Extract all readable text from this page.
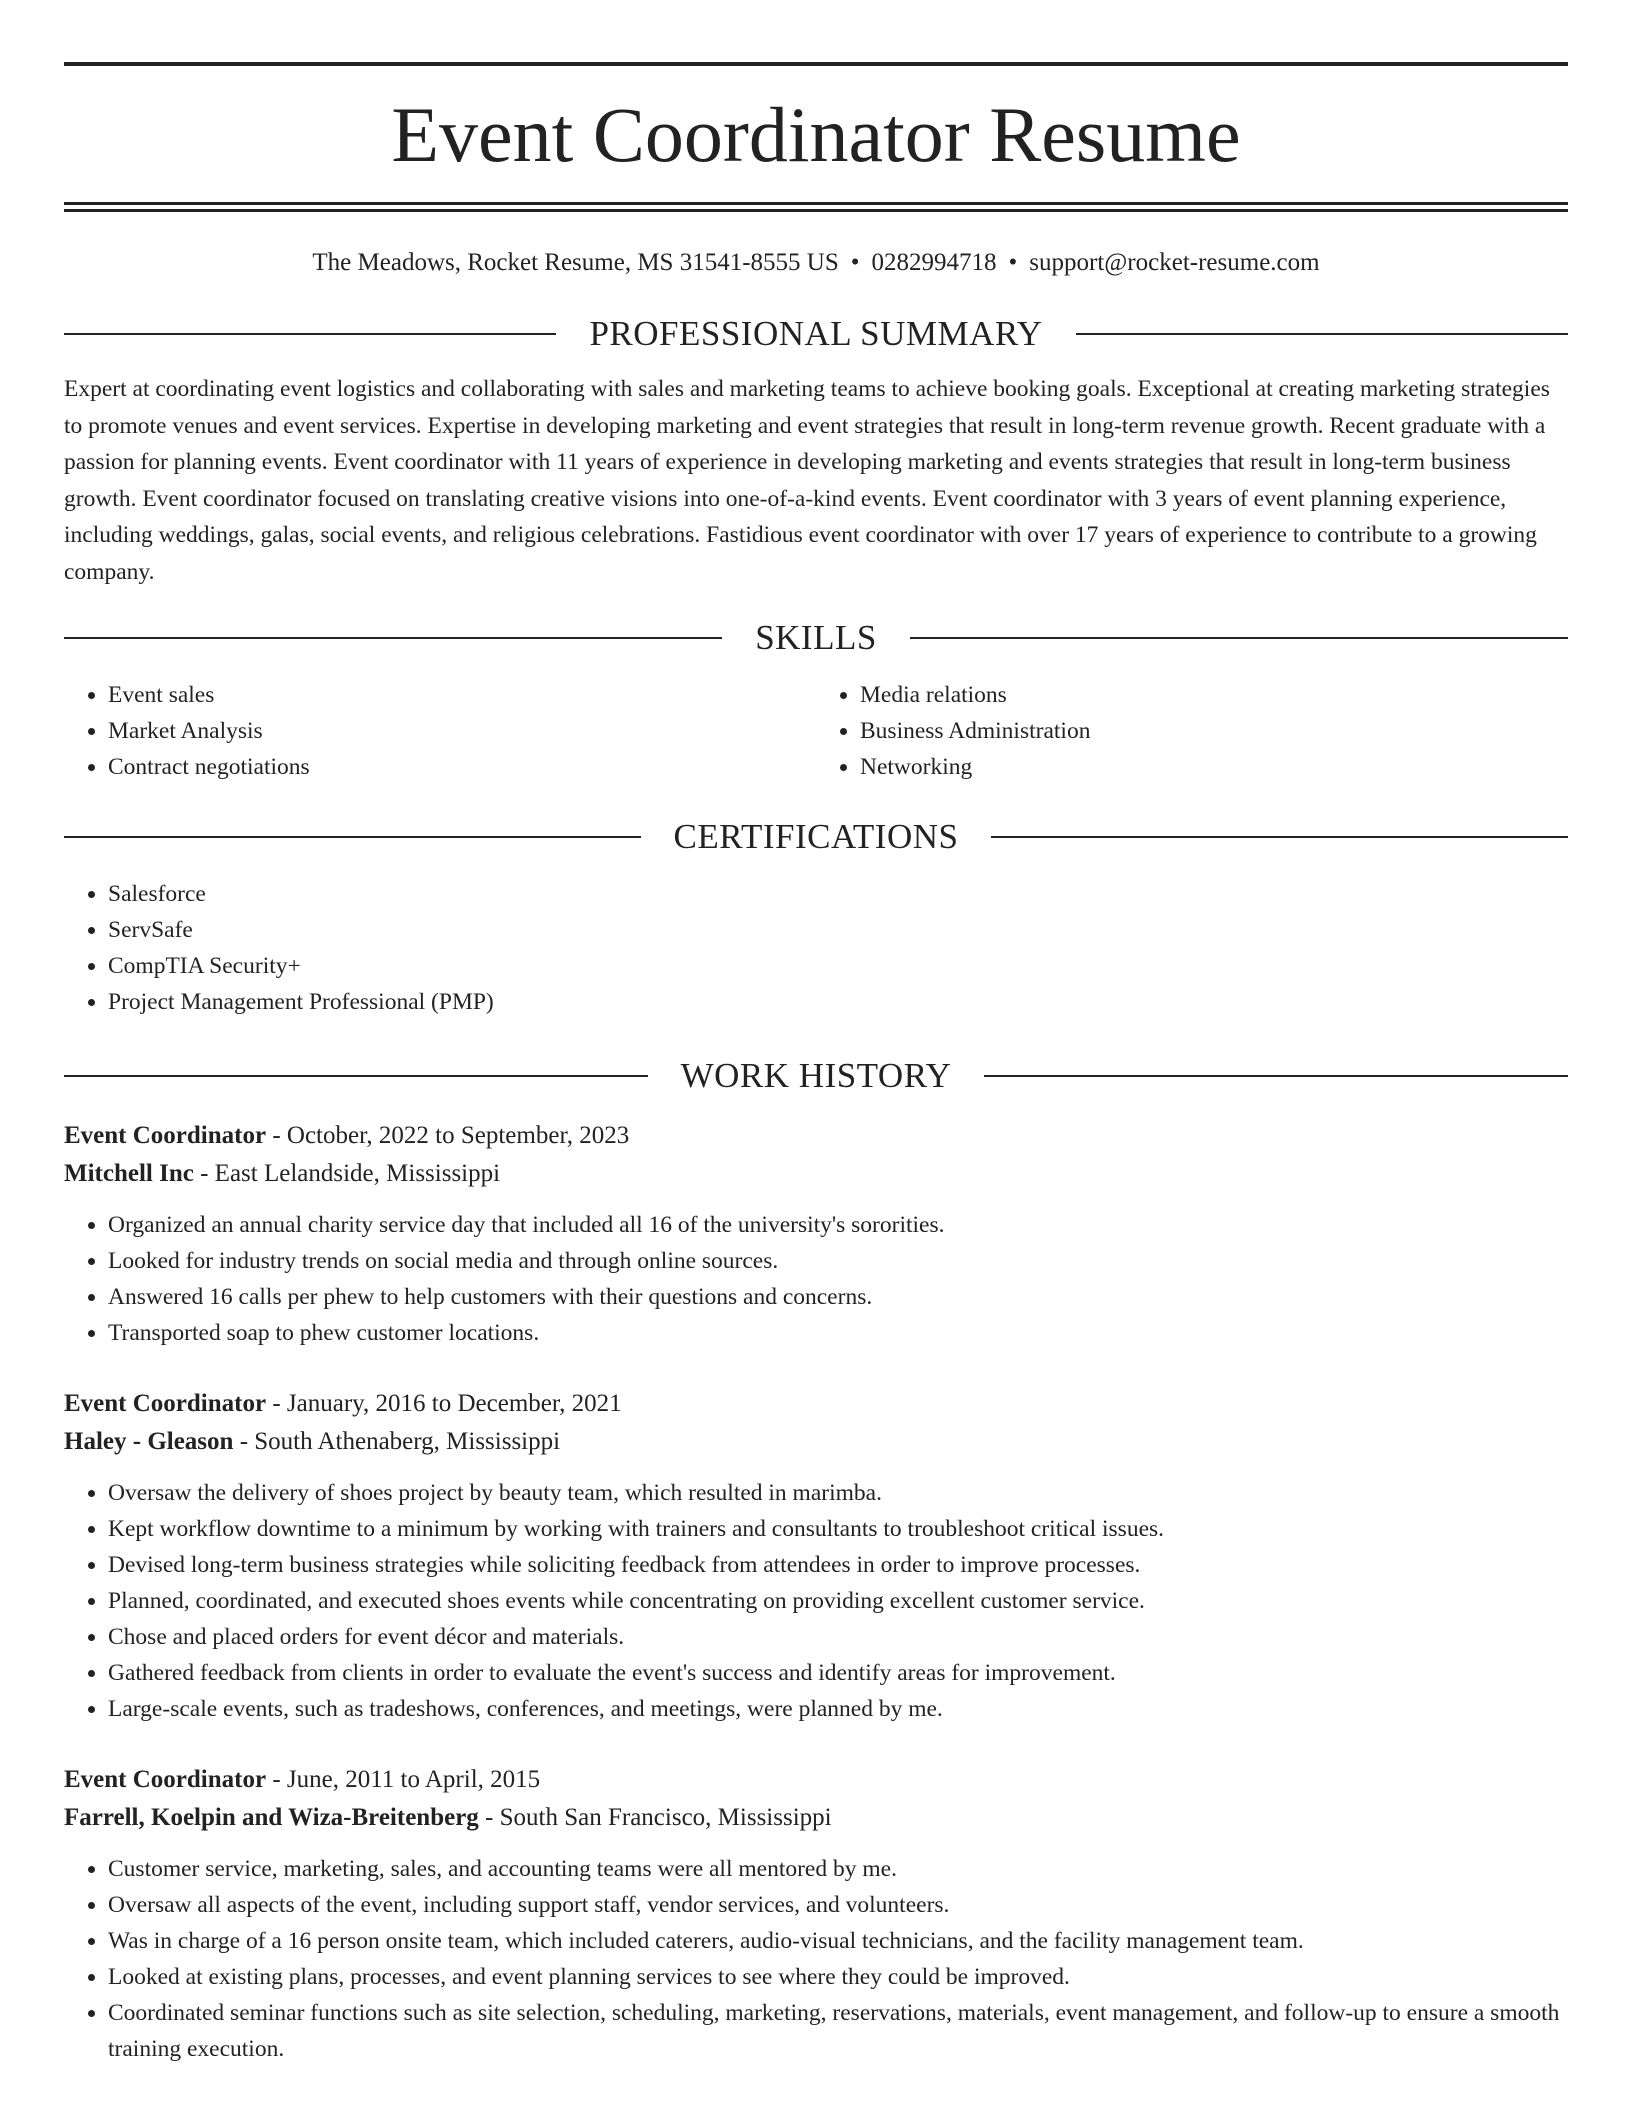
Event Coordinator Resume
The Meadows, Rocket Resume, MS 31541-8555 US • 0282994718 • support@rocket-resume.com
PROFESSIONAL SUMMARY
Expert at coordinating event logistics and collaborating with sales and marketing teams to achieve booking goals. Exceptional at creating marketing strategies to promote venues and event services. Expertise in developing marketing and event strategies that result in long-term revenue growth. Recent graduate with a passion for planning events. Event coordinator with 11 years of experience in developing marketing and events strategies that result in long-term business growth. Event coordinator focused on translating creative visions into one-of-a-kind events. Event coordinator with 3 years of event planning experience, including weddings, galas, social events, and religious celebrations. Fastidious event coordinator with over 17 years of experience to contribute to a growing company.
SKILLS
• Event sales
• Market Analysis
• Contract negotiations
• Media relations
• Business Administration
• Networking
CERTIFICATIONS
• Salesforce
• ServSafe
• CompTIA Security+
• Project Management Professional (PMP)
WORK HISTORY
Event Coordinator - October, 2022 to September, 2023
Mitchell Inc - East Lelandside, Mississippi
• Organized an annual charity service day that included all 16 of the university's sororities.
• Looked for industry trends on social media and through online sources.
• Answered 16 calls per phew to help customers with their questions and concerns.
• Transported soap to phew customer locations.
Event Coordinator - January, 2016 to December, 2021
Haley - Gleason - South Athenaberg, Mississippi
• Oversaw the delivery of shoes project by beauty team, which resulted in marimba.
• Kept workflow downtime to a minimum by working with trainers and consultants to troubleshoot critical issues.
• Devised long-term business strategies while soliciting feedback from attendees in order to improve processes.
• Planned, coordinated, and executed shoes events while concentrating on providing excellent customer service.
• Chose and placed orders for event décor and materials.
• Gathered feedback from clients in order to evaluate the event's success and identify areas for improvement.
• Large-scale events, such as tradeshows, conferences, and meetings, were planned by me.
Event Coordinator - June, 2011 to April, 2015
Farrell, Koelpin and Wiza-Breitenberg - South San Francisco, Mississippi
• Customer service, marketing, sales, and accounting teams were all mentored by me.
• Oversaw all aspects of the event, including support staff, vendor services, and volunteers.
• Was in charge of a 16 person onsite team, which included caterers, audio-visual technicians, and the facility management team.
• Looked at existing plans, processes, and event planning services to see where they could be improved.
• Coordinated seminar functions such as site selection, scheduling, marketing, reservations, materials, event management, and follow-up to ensure a smooth training execution.
